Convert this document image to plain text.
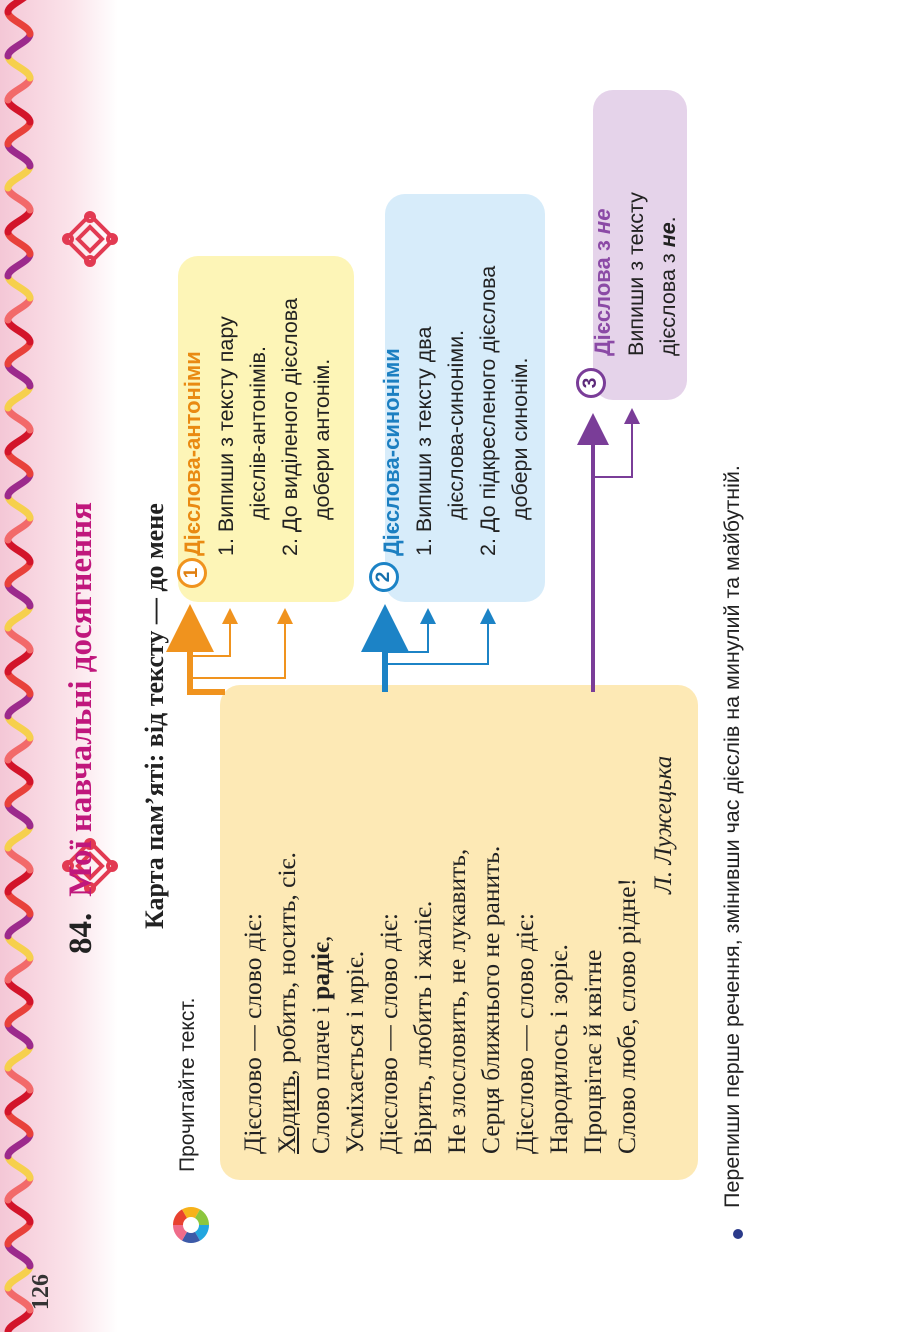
126
84.Мої навчальні досягнення Карта пам’яті: від тексту — до мене
Прочитайте текст. Дієслово — слово діє: Ходить, робить, носить, сіє.
Слово плаче і радіє,
Усміхається і мріє. Дієслово — слово діє: Вірить, любить і жаліє. Не злословить, не лукавить, Серця ближнього не ранить. Дієслово — слово діє: Народилось і зоріє. Процвітає й квітне Слово любе, слово рідне!
Л. Лужецька
1
Дієслова-антоніми 1. Випиши з тексту пару дієслів-антонімів. 2. До виділеного дієслова добери антонім.
2
Дієслова-синоніми 1. Випиши з тексту два дієслова-синоніми. 2. До підкресленого дієслова добери синонім.	3
Дієслова з не Випиши з тексту дієслова з не.
Перепиши перше речення, змінивши час дієслів на минулий та майбутній.
